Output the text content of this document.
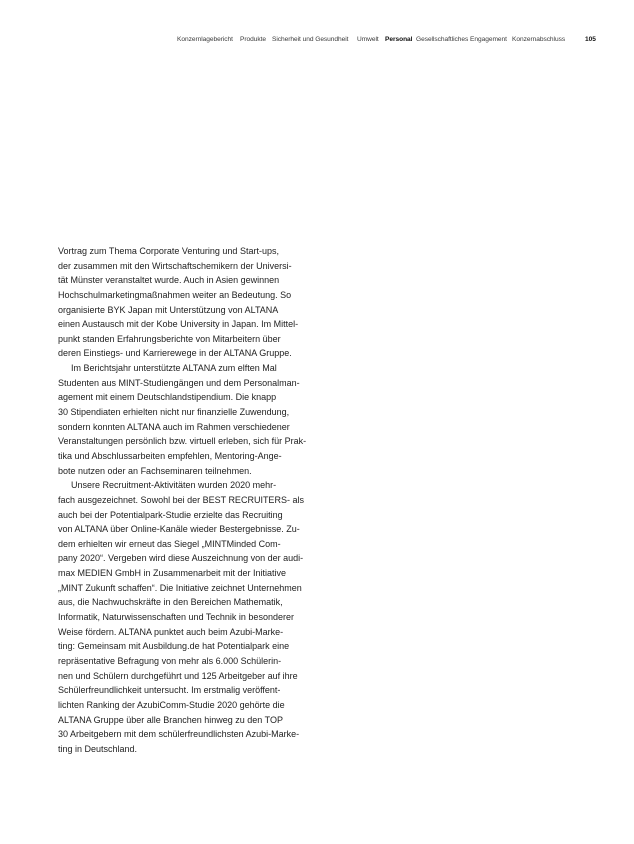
Konzernlagebericht Produkte Sicherheit und Gesundheit Umwelt Personal Gesellschaftliches Engagement Konzernabschluss	105
Vortrag zum Thema Corporate Venturing und Start-ups,
der zusammen mit den Wirtschaftschemikern der Universi-
tät Münster veranstaltet wurde. Auch in Asien gewinnen
Hochschulmarketingmaßnahmen weiter an Bedeutung. So
organisierte BYK Japan mit Unterstützung von ALTANA
einen Austausch mit der Kobe University in Japan. Im Mittel-
punkt standen Erfahrungsberichte von Mitarbeitern über
deren Einstiegs- und Karrierewege in der ALTANA Gruppe.
Im Berichtsjahr unterstützte ALTANA zum elften Mal
Studenten aus MINT-Studiengängen und dem Personalman-
agement mit einem Deutschlandstipendium. Die knapp
30 Stipendiaten erhielten nicht nur finanzielle Zuwendung,
sondern konnten ALTANA auch im Rahmen verschiedener
Veranstaltungen persönlich bzw. virtuell erleben, sich für Prak-
tika und Abschlussarbeiten empfehlen, Mentoring-Ange-
bote nutzen oder an Fachseminaren teilnehmen.
Unsere Recruitment-Aktivitäten wurden 2020 mehr-
fach ausgezeichnet. Sowohl bei der BEST RECRUITERS- als
auch bei der Potentialpark-Studie erzielte das Recruiting
von ALTANA über Online-Kanäle wieder Bestergebnisse. Zu-
dem erhielten wir erneut das Siegel „MINTMinded Com-
pany 2020“. Vergeben wird diese Auszeichnung von der audi-
max MEDIEN GmbH in Zusammenarbeit mit der Initiative
„MINT Zukunft schaffen“. Die Initiative zeichnet Unternehmen
aus, die Nachwuchskräfte in den Bereichen Mathematik,
Informatik, Naturwissenschaften und Technik in besonderer
Weise fördern. ALTANA punktet auch beim Azubi-Marke-
ting: Gemeinsam mit Ausbildung.de hat Potentialpark eine
repräsentative Befragung von mehr als 6.000 Schülerin-
nen und Schülern durchgeführt und 125 Arbeitgeber auf ihre
Schülerfreundlichkeit untersucht. Im erstmalig veröffent-
lichten Ranking der AzubiComm-Studie 2020 gehörte die
ALTANA Gruppe über alle Branchen hinweg zu den TOP
30 Arbeitgebern mit dem schülerfreundlichsten Azubi-Marke-
ting in Deutschland.
